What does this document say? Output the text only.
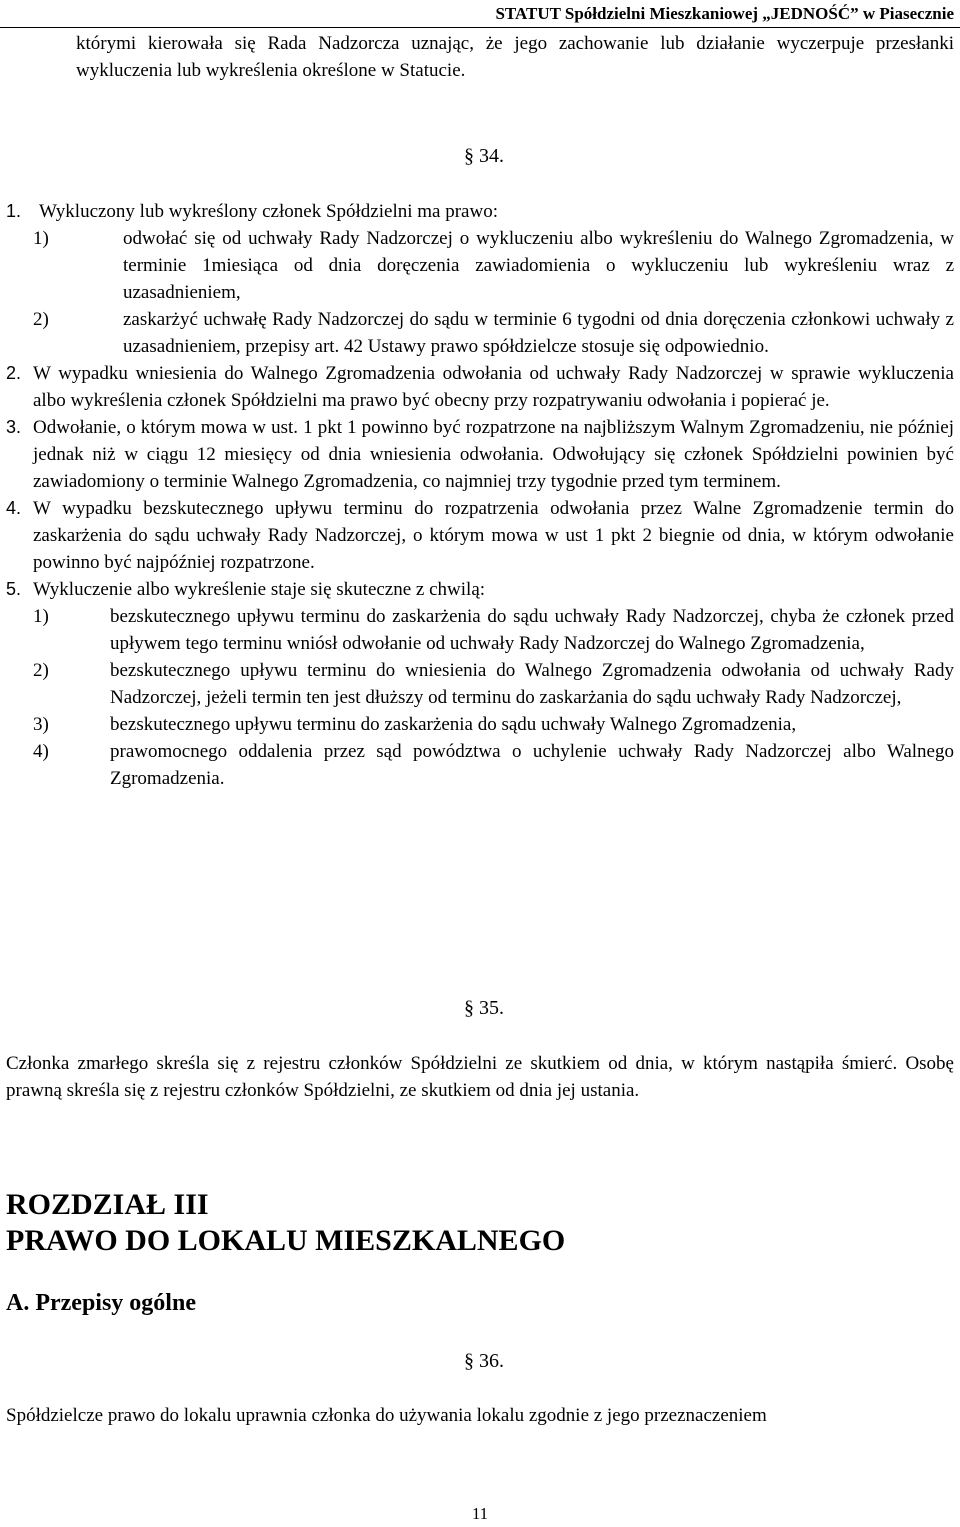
STATUT Spółdzielni Mieszkaniowej „JEDNOŚĆ” w Piasecznie

którymi kierowała się Rada Nadzorcza uznając, że jego zachowanie lub działanie wyczerpuje przesłanki wykluczenia lub wykreślenia określone w Statucie.

§ 34.
1. Wykluczony lub wykreślony członek Spółdzielni ma prawo:
1)	odwołać się od uchwały Rady Nadzorczej o wykluczeniu albo wykreśleniu do Walnego Zgromadzenia, w terminie 1miesiąca od dnia doręczenia zawiadomienia o wykluczeniu lub wykreśleniu wraz z uzasadnieniem,
2)	zaskarżyć uchwałę Rady Nadzorczej do sądu w terminie 6 tygodni od dnia doręczenia członkowi uchwały z uzasadnieniem, przepisy art. 42 Ustawy prawo spółdzielcze stosuje się odpowiednio.
2. W wypadku wniesienia do Walnego Zgromadzenia odwołania od uchwały Rady Nadzorczej w sprawie wykluczenia albo wykreślenia członek Spółdzielni ma prawo być obecny przy rozpatrywaniu odwołania i popierać je.
3. Odwołanie, o którym mowa w ust. 1 pkt 1 powinno być rozpatrzone na najbliższym Walnym Zgromadzeniu, nie później jednak niż w ciągu 12 miesięcy od dnia wniesienia odwołania. Odwołujący się członek Spółdzielni powinien być zawiadomiony o terminie Walnego Zgromadzenia, co najmniej trzy tygodnie przed tym terminem.
4. W wypadku bezskutecznego upływu terminu do rozpatrzenia odwołania przez Walne Zgromadzenie termin do zaskarżenia do sądu uchwały Rady Nadzorczej, o którym mowa w ust 1 pkt 2 biegnie od dnia, w którym odwołanie powinno być najpóźniej rozpatrzone.
5. Wykluczenie albo wykreślenie staje się skuteczne z chwilą:
1)	bezskutecznego upływu terminu do zaskarżenia do sądu uchwały Rady Nadzorczej, chyba że członek przed upływem tego terminu wniósł odwołanie od uchwały Rady Nadzorczej do Walnego Zgromadzenia,
2)	bezskutecznego upływu terminu do wniesienia do Walnego Zgromadzenia odwołania od uchwały Rady Nadzorczej, jeżeli termin ten jest dłuższy od terminu do zaskarżania do sądu uchwały Rady Nadzorczej,
3)	bezskutecznego upływu terminu do zaskarżenia do sądu uchwały Walnego Zgromadzenia,
4)	prawomocnego oddalenia przez sąd powództwa o uchylenie uchwały Rady Nadzorczej albo Walnego Zgromadzenia.
§ 35.

Członka zmarłego skreśla się z rejestru członków Spółdzielni ze skutkiem od dnia, w którym nastąpiła śmierć. Osobę prawną skreśla się z rejestru członków Spółdzielni, ze skutkiem od dnia jej ustania.

ROZDZIAŁ III
PRAWO DO LOKALU MIESZKALNEGO
A. Przepisy ogólne
§ 36.

Spółdzielcze prawo do lokalu uprawnia członka do używania lokalu zgodnie z jego przeznaczeniem

11
